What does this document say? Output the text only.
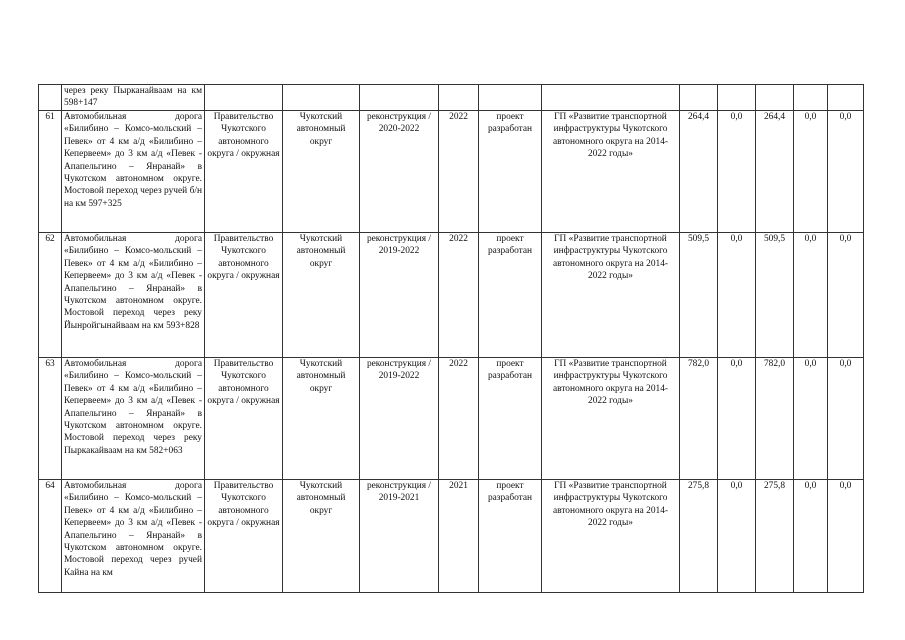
	через реку Пырканайваам на км 598+147											
61	Автомобильная дорога «Билибино – Комсо-мольский – Певек» от 4 км а/д «Билибино – Кепервеем» до 3 км а/д «Певек - Апапельгино – Янранай» в Чукотском автономном округе. Мостовой переход через ручей б/н на км 597+325	Правительство Чукотского автономного округа / окружная	Чукотский автономный округ	реконструкция / 2020-2022	2022	проект разработан	ГП «Развитие транспортной инфраструктуры Чукотского автономного округа на 2014-2022 годы»	264,4	0,0	264,4	0,0	0,0
62	Автомобильная дорога «Билибино – Комсо-мольский – Певек» от 4 км а/д «Билибино – Кепервеем» до 3 км а/д «Певек - Апапельгино – Янранай» в Чукотском автономном округе. Мостовой переход через реку Йынройгынайваам на км 593+828	Правительство Чукотского автономного округа / окружная	Чукотский автономный округ	реконструкция / 2019-2022	2022	проект разработан	ГП «Развитие транспортной инфраструктуры Чукотского автономного округа на 2014-2022 годы»	509,5	0,0	509,5	0,0	0,0
63	Автомобильная дорога «Билибино – Комсо-мольский – Певек» от 4 км а/д «Билибино – Кепервеем» до 3 км а/д «Певек - Апапельгино – Янранай» в Чукотском автономном округе. Мостовой переход через реку Пыркакайваам на км 582+063	Правительство Чукотского автономного округа / окружная	Чукотский автономный округ	реконструкция / 2019-2022	2022	проект разработан	ГП «Развитие транспортной инфраструктуры Чукотского автономного округа на 2014-2022 годы»	782,0	0,0	782,0	0,0	0,0
64	Автомобильная дорога «Билибино – Комсо-мольский – Певек» от 4 км а/д «Билибино – Кепервеем» до 3 км а/д «Певек - Апапельгино – Янранай» в Чукотском автономном округе. Мостовой переход через ручей Кайна на км	Правительство Чукотского автономного округа / окружная	Чукотский автономный округ	реконструкция / 2019-2021	2021	проект разработан	ГП «Развитие транспортной инфраструктуры Чукотского автономного округа на 2014-2022 годы»	275,8	0,0	275,8	0,0	0,0
